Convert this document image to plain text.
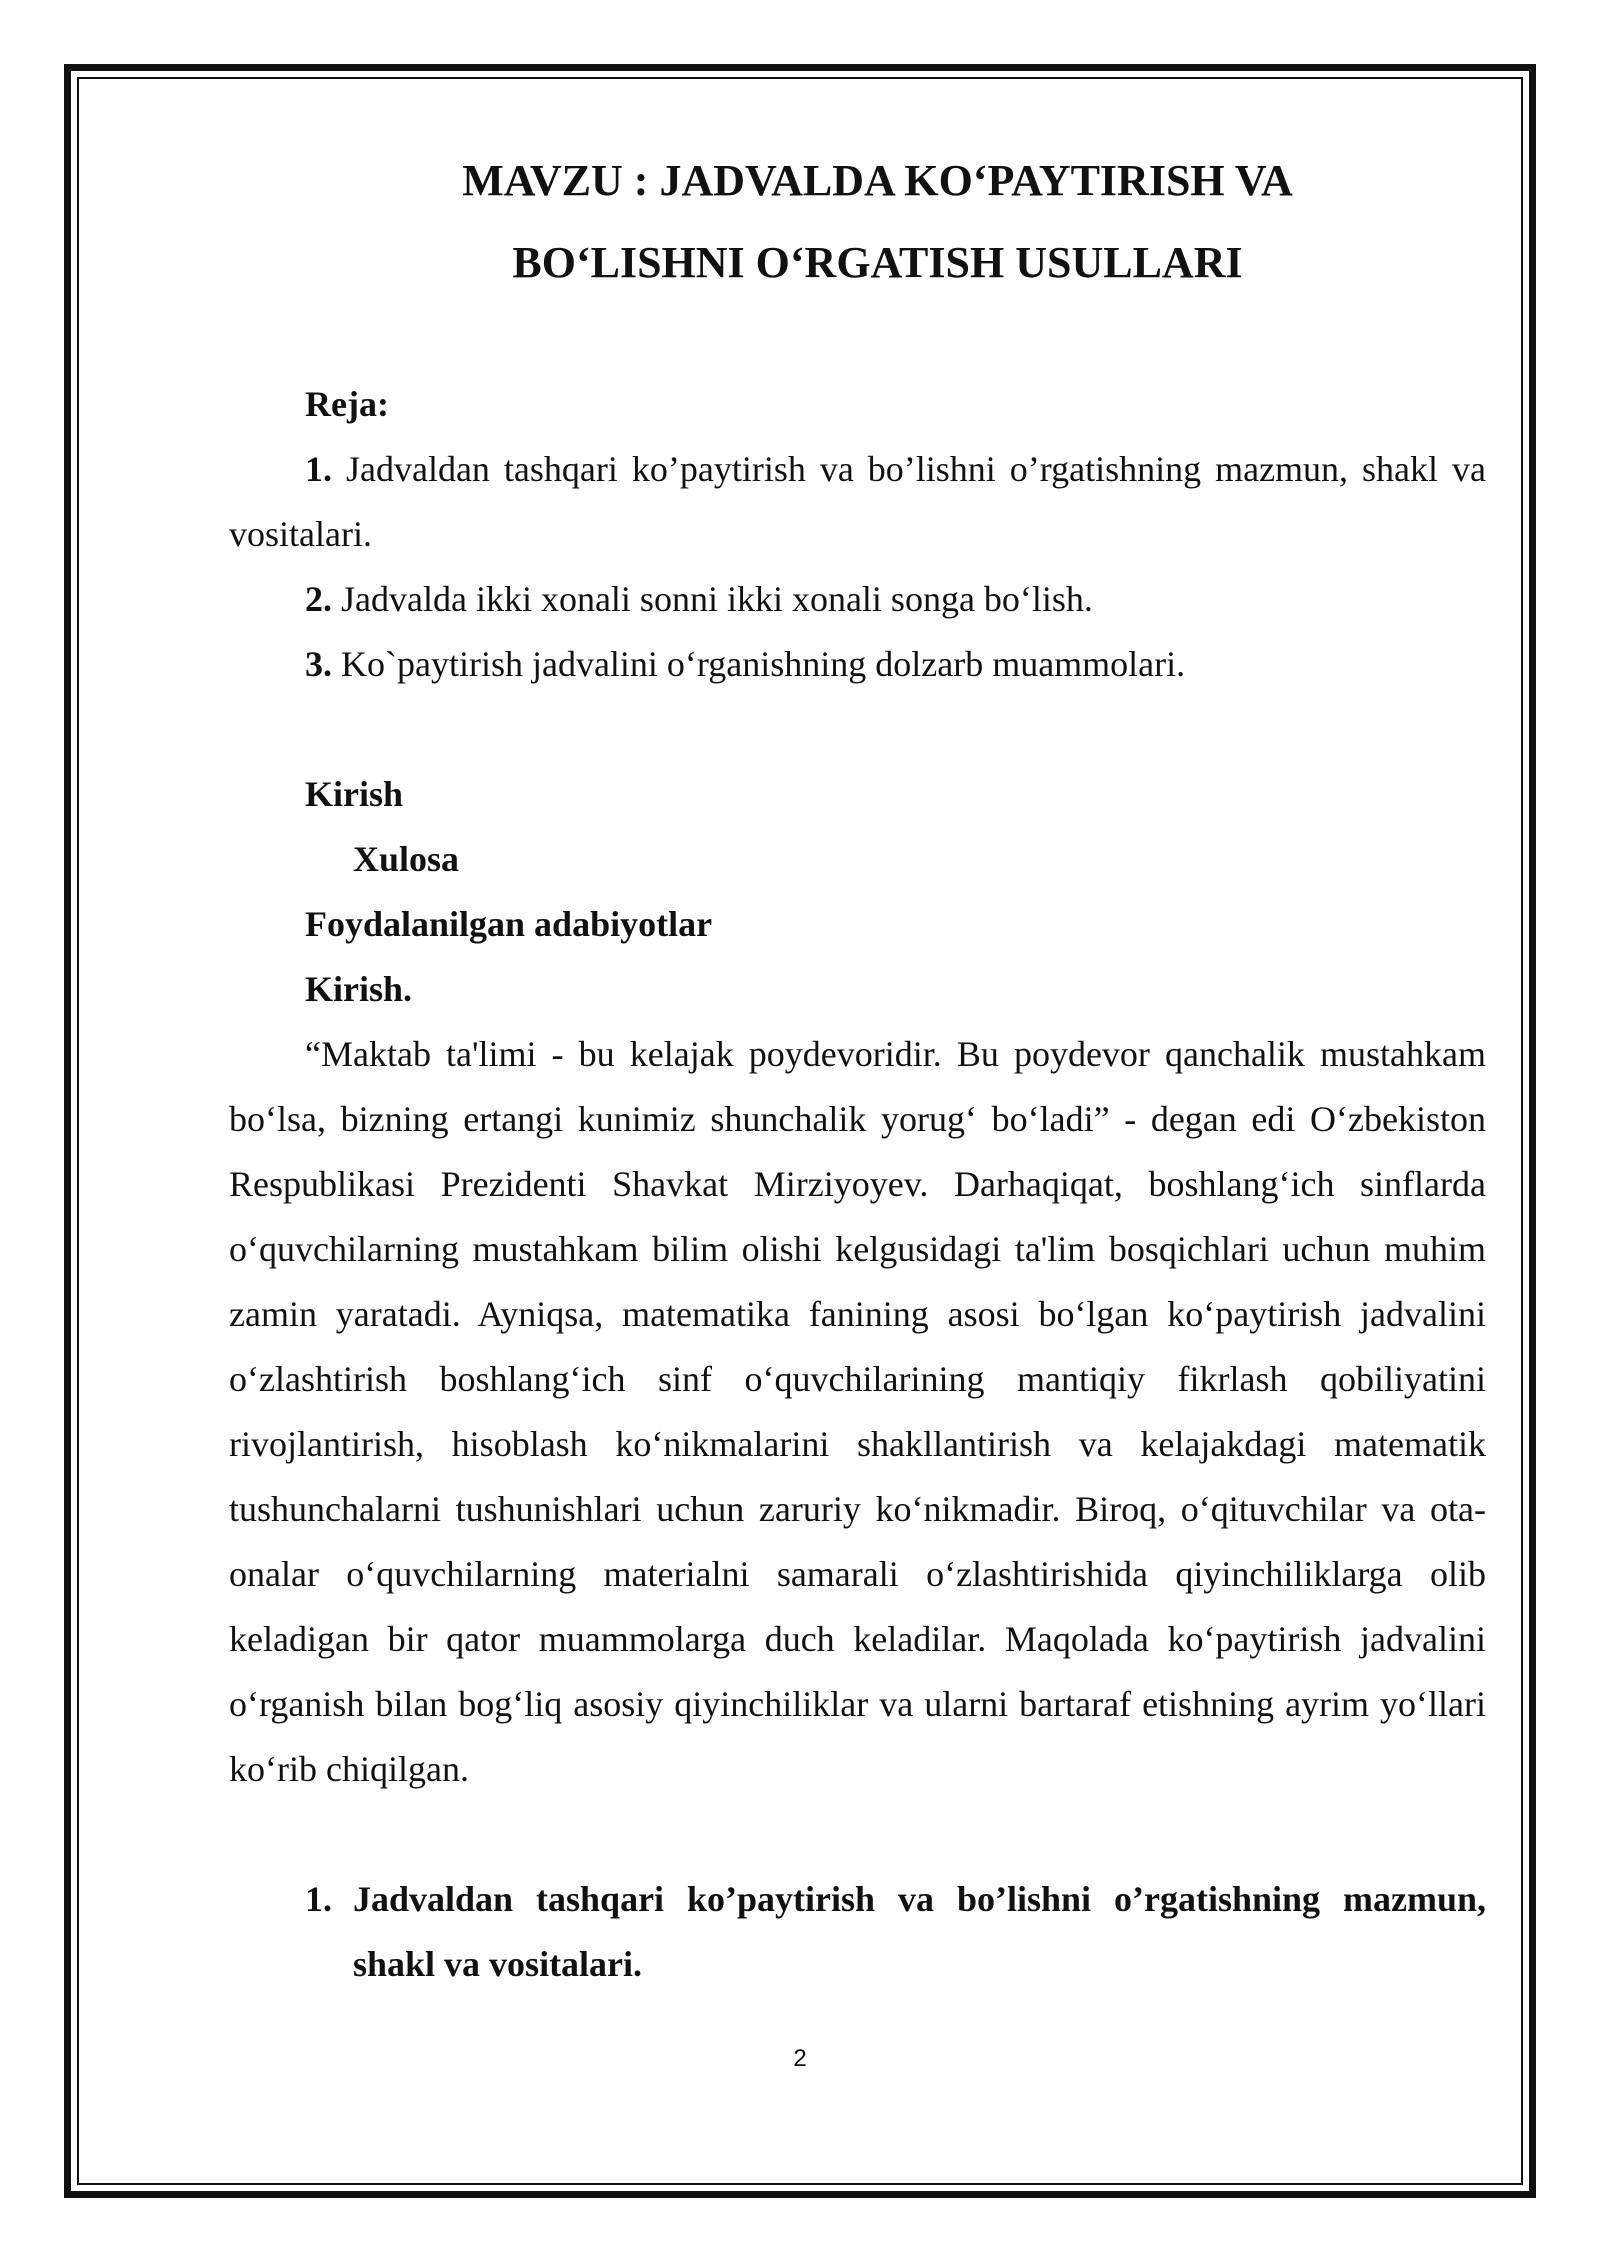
MAVZU : JADVALDA KO‘PAYTIRISH VA

BO‘LISHNI O‘RGATISH USULLARI

Reja:

1. Jadvaldan tashqari ko’paytirish va bo’lishni o’rgatishning mazmun, shakl va vositalari.

2. Jadvalda ikki xonali sonni ikki xonali songa bo‘lish.

3. Ko`paytirish jadvalini o‘rganishning dolzarb muammolari.

Kirish

Xulosa

Foydalanilgan adabiyotlar

Kirish.

“Maktab ta'limi - bu kelajak poydevoridir. Bu poydevor qanchalik mustahkam bo‘lsa, bizning ertangi kunimiz shunchalik yorug‘ bo‘ladi” - degan edi O‘zbekiston Respublikasi Prezidenti Shavkat Mirziyoyev. Darhaqiqat, boshlang‘ich sinflarda o‘quvchilarning mustahkam bilim olishi kelgusidagi ta'lim bosqichlari uchun muhim zamin yaratadi. Ayniqsa, matematika fanining asosi bo‘lgan ko‘paytirish jadvalini o‘zlashtirish boshlang‘ich sinf o‘quvchilarining mantiqiy fikrlash qobiliyatini rivojlantirish, hisoblash ko‘nikmalarini shakllantirish va kelajakdagi matematik tushunchalarni tushunishlari uchun zaruriy ko‘nikmadir. Biroq, o‘qituvchilar va ota-onalar o‘quvchilarning materialni samarali o‘zlashtirishida qiyinchiliklarga olib keladigan bir qator muammolarga duch keladilar. Maqolada ko‘paytirish jadvalini o‘rganish bilan bog‘liq asosiy qiyinchiliklar va ularni bartaraf etishning ayrim yo‘llari ko‘rib chiqilgan.

1. Jadvaldan tashqari ko’paytirish va bo’lishni o’rgatishning mazmun, shakl va vositalari.

2
